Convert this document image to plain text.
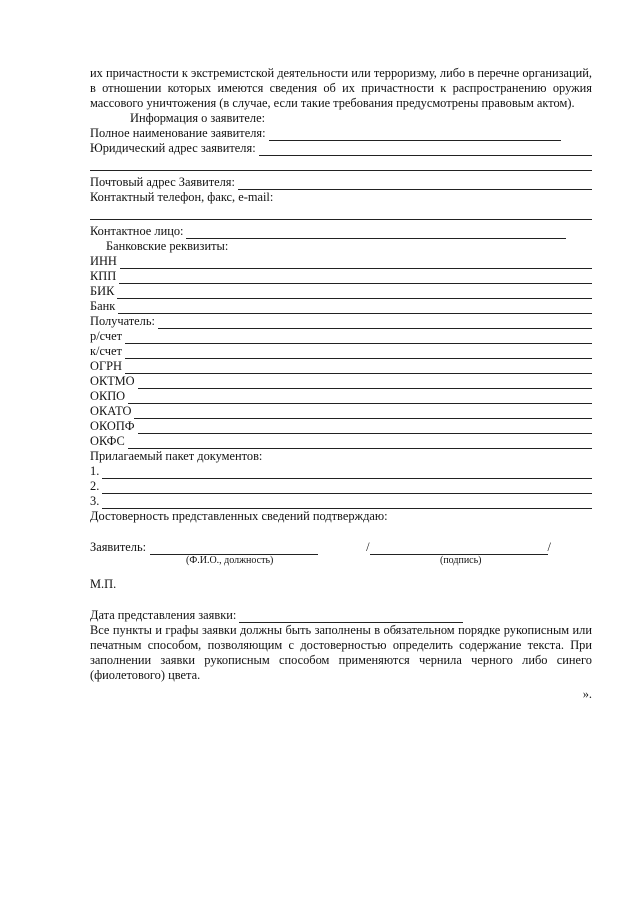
их причастности к экстремистской деятельности или терроризму, либо в перечне организаций, в отношении которых имеются сведения об их причастности к распространению оружия массового уничтожения (в случае, если такие требования предусмотрены правовым актом).
Информация о заявителе:
Полное наименование заявителя:
Юридический адрес заявителя:
Почтовый адрес Заявителя:
Контактный телефон, факс, e-mail:
Контактное лицо:
Банковские реквизиты:
ИНН
КПП
БИК
Банк
Получатель:
р/счет
к/счет
ОГРН
ОКТМО
ОКПО
ОКАТО
ОКОПФ
ОКФС
Прилагаемый пакет документов:
1.
2.
3.
Достоверность представленных сведений подтверждаю:
Заявитель:	/	/
(Ф.И.О., должность)	(подпись)
М.П.
Дата представления заявки:
Все пункты и графы заявки должны быть заполнены в обязательном порядке рукописным или печатным способом, позволяющим с достоверностью определить содержание текста. При заполнении заявки рукописным способом применяются чернила черного либо синего (фиолетового) цвета.
».
